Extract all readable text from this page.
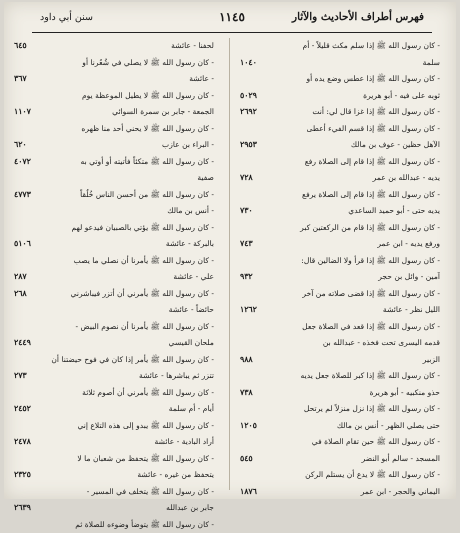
فهرس أطراف الأحاديث والآثار
١١٤٥
سنن أبي داود
- كان رسول الله ﷺ إذا سلم مكث قليلاً - أم
سلمة
١٠٤٠
- كان رسول الله ﷺ إذا عطس وضع يده أو
ثوبه على فيه - أبو هريرة
٥٠٢٩
- كان رسول الله ﷺ إذا غزا قال لي: أنت
٢٦٩٢
- كان رسول الله ﷺ إذا قسم الفيء أعطى
الآهل حظين - عوف بن مالك
٢٩٥٣
- كان رسول الله ﷺ إذا قام إلى الصلاة رفع
يديه - عبدالله بن عمر
٧٢٨
- كان رسول الله ﷺ إذا قام إلى الصلاة يرفع
يديه حتى - أبو حميد الساعدي
٧٣٠
- كان رسول الله ﷺ إذا قام من الركعتين كبر
ورفع يديه - ابن عمر
٧٤٣
- كان رسول الله ﷺ إذا قرأ ولا الضالين قال:
آمين - وائل بن حجر
٩٣٢
- كان رسول الله ﷺ إذا قضى صلاته من آخر
الليل نظر - عائشة
١٢٦٢
- كان رسول الله ﷺ إذا قعد في الصلاة جعل
قدمه اليسرى تحت فخذه - عبدالله بن
الزبير
٩٨٨
- كان رسول الله ﷺ إذا كبر للصلاة جعل يديه
حذو منكبيه - أبو هريرة
٧٣٨
- كان رسول الله ﷺ إذا نزل منزلاً لم يرتحل
حتى يصلي الظهر - أنس بن مالك
١٢٠٥
- كان رسول الله ﷺ حين تقام الصلاة في
المسجد - سالم أبو النضر
٥٤٥
- كان رسول الله ﷺ لا يدع أن يستلم الركن
اليماني والحجر - ابن عمر
١٨٧٦
لحفنا - عائشة
٦٤٥
- كان رسول الله ﷺ لا يصلي في شُعُرنا أو
- عائشة
٣٦٧
- كان رسول الله ﷺ لا يطيل الموعظة يوم
الجمعة - جابر بن سمرة السوائي
١١٠٧
- كان رسول الله ﷺ لا يحني أحد منا ظهره
- البراء بن عازب
٦٢٠
- كان رسول الله ﷺ متكئاً فأتيته أو أوتي به
٤٠٧٢
صفية
- كان رسول الله ﷺ من أحسن الناس خُلُقاً
٤٧٧٣
- أنس بن مالك
- كان رسول الله ﷺ يؤتي بالصبيان فيدعو لهم
بالبركة - عائشة
٥١٠٦
- كان رسول الله ﷺ يأمرنا أن نصلي ما يصب
علي - عائشة
٢٨٧
- كان رسول الله ﷺ يأمرني أن أتزر فيباشرني
٢٦٨
حائضاً - عائشة
- كان رسول الله ﷺ يأمرنا أن نصوم البيض -
ملحان القيسي
٢٤٤٩
- كان رسول الله ﷺ يأمر إذا كان في فوح حيضتنا أن
تتزر ثم يباشرها - عائشة
٢٧٣
- كان رسول الله ﷺ يأمرني أن أصوم ثلاثة
أيام - أم سلمة
٢٤٥٢
- كان رسول الله ﷺ يبدو إلى هذه التلاع إني
أراد البادية - عائشة
٢٤٧٨
- كان رسول الله ﷺ يتحفظ من شعبان ما لا
يتحفظ من غيره - عائشة
٢٣٢٥
- كان رسول الله ﷺ يتخلف في المسير -
جابر بن عبدالله
٢٦٣٩
- كان رسول الله ﷺ يتوضأ وضوءه للصلاة ثم
